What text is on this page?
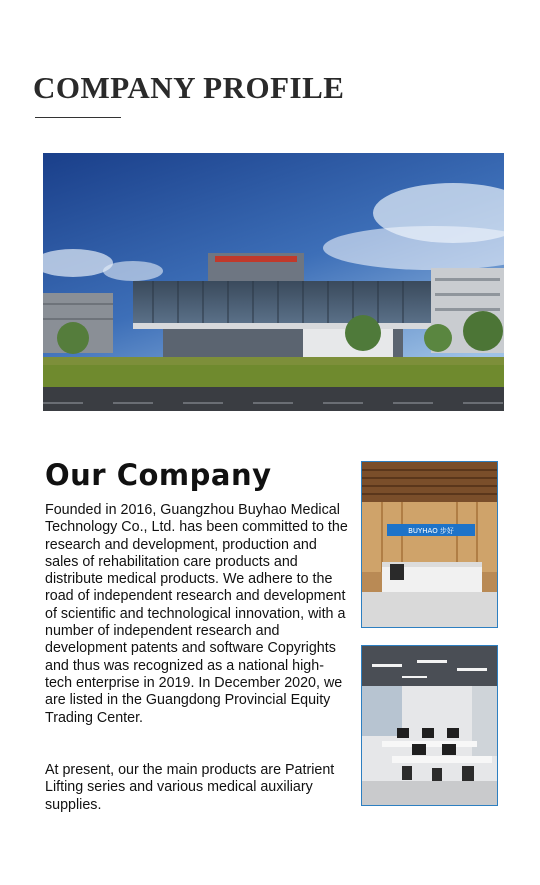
COMPANY PROFILE
Our Company

Founded in 2016, Guangzhou Buyhao Medical Technology Co., Ltd. has been committed to the research and development, production and sales of rehabilitation care products and distribute medical products. We adhere to the road of independent research and development of scientific and technological innovation, with a number of independent research and development patents and software Copyrights and thus was recognized as a national high-tech enterprise in 2019. In December 2020, we are listed in the Guangdong Provincial Equity Trading Center.

At present, our the main products are Patrient Lifting series and various medical auxiliary supplies.

BUYHAO 步好
